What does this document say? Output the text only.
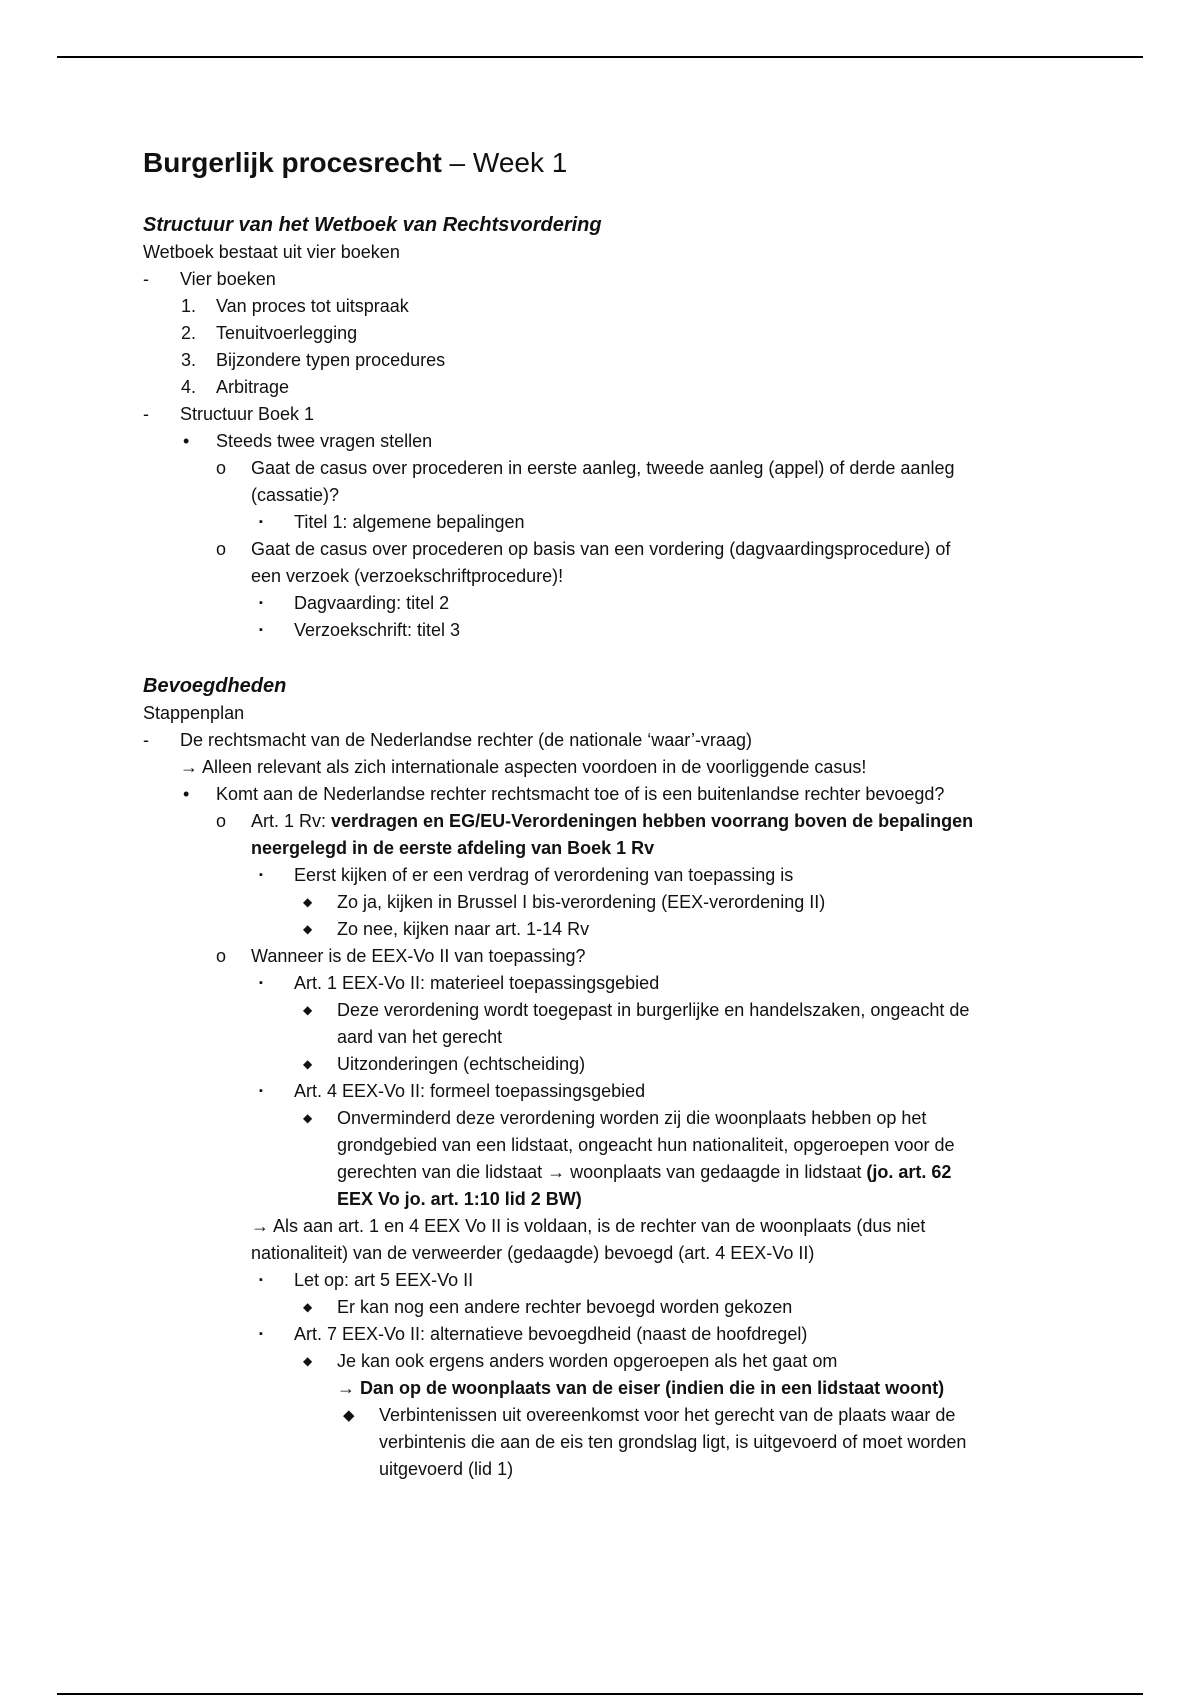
Burgerlijk procesrecht – Week 1

Structuur van het Wetboek van Rechtsvordering

Wetboek bestaat uit vier boeken

- Vier boeken

1. Van proces tot uitspraak

2. Tenuitvoerlegging

3. Bijzondere typen procedures

4. Arbitrage

- Structuur Boek 1

• Steeds twee vragen stellen

o Gaat de casus over procederen in eerste aanleg, tweede aanleg (appel) of derde aanleg

(cassatie)?

▪ Titel 1: algemene bepalingen

o Gaat de casus over procederen op basis van een vordering (dagvaardingsprocedure) of

een verzoek (verzoekschriftprocedure)!

▪ Dagvaarding: titel 2

▪ Verzoekschrift: titel 3

Bevoegdheden

Stappenplan

- De rechtsmacht van de Nederlandse rechter (de nationale ‘waar’-vraag)

→ Alleen relevant als zich internationale aspecten voordoen in de voorliggende casus!

• Komt aan de Nederlandse rechter rechtsmacht toe of is een buitenlandse rechter bevoegd?

o Art. 1 Rv: verdragen en EG/EU-Verordeningen hebben voorrang boven de bepalingen

neergelegd in de eerste afdeling van Boek 1 Rv

▪ Eerst kijken of er een verdrag of verordening van toepassing is

◆ Zo ja, kijken in Brussel I bis-verordening (EEX-verordening II)

◆ Zo nee, kijken naar art. 1-14 Rv

o Wanneer is de EEX-Vo II van toepassing?

▪ Art. 1 EEX-Vo II: materieel toepassingsgebied

◆ Deze verordening wordt toegepast in burgerlijke en handelszaken, ongeacht de

aard van het gerecht

◆ Uitzonderingen (echtscheiding)

▪ Art. 4 EEX-Vo II: formeel toepassingsgebied

◆ Onverminderd deze verordening worden zij die woonplaats hebben op het

grondgebied van een lidstaat, ongeacht hun nationaliteit, opgeroepen voor de

gerechten van die lidstaat → woonplaats van gedaagde in lidstaat (jo. art. 62

EEX Vo jo. art. 1:10 lid 2 BW)

→ Als aan art. 1 en 4 EEX Vo II is voldaan, is de rechter van de woonplaats (dus niet

nationaliteit) van de verweerder (gedaagde) bevoegd (art. 4 EEX-Vo II)

▪ Let op: art 5 EEX-Vo II

◆ Er kan nog een andere rechter bevoegd worden gekozen

▪ Art. 7 EEX-Vo II: alternatieve bevoegdheid (naast de hoofdregel)

◆ Je kan ook ergens anders worden opgeroepen als het gaat om

→ Dan op de woonplaats van de eiser (indien die in een lidstaat woont)

◆ Verbintenissen uit overeenkomst voor het gerecht van de plaats waar de

verbintenis die aan de eis ten grondslag ligt, is uitgevoerd of moet worden

uitgevoerd (lid 1)
